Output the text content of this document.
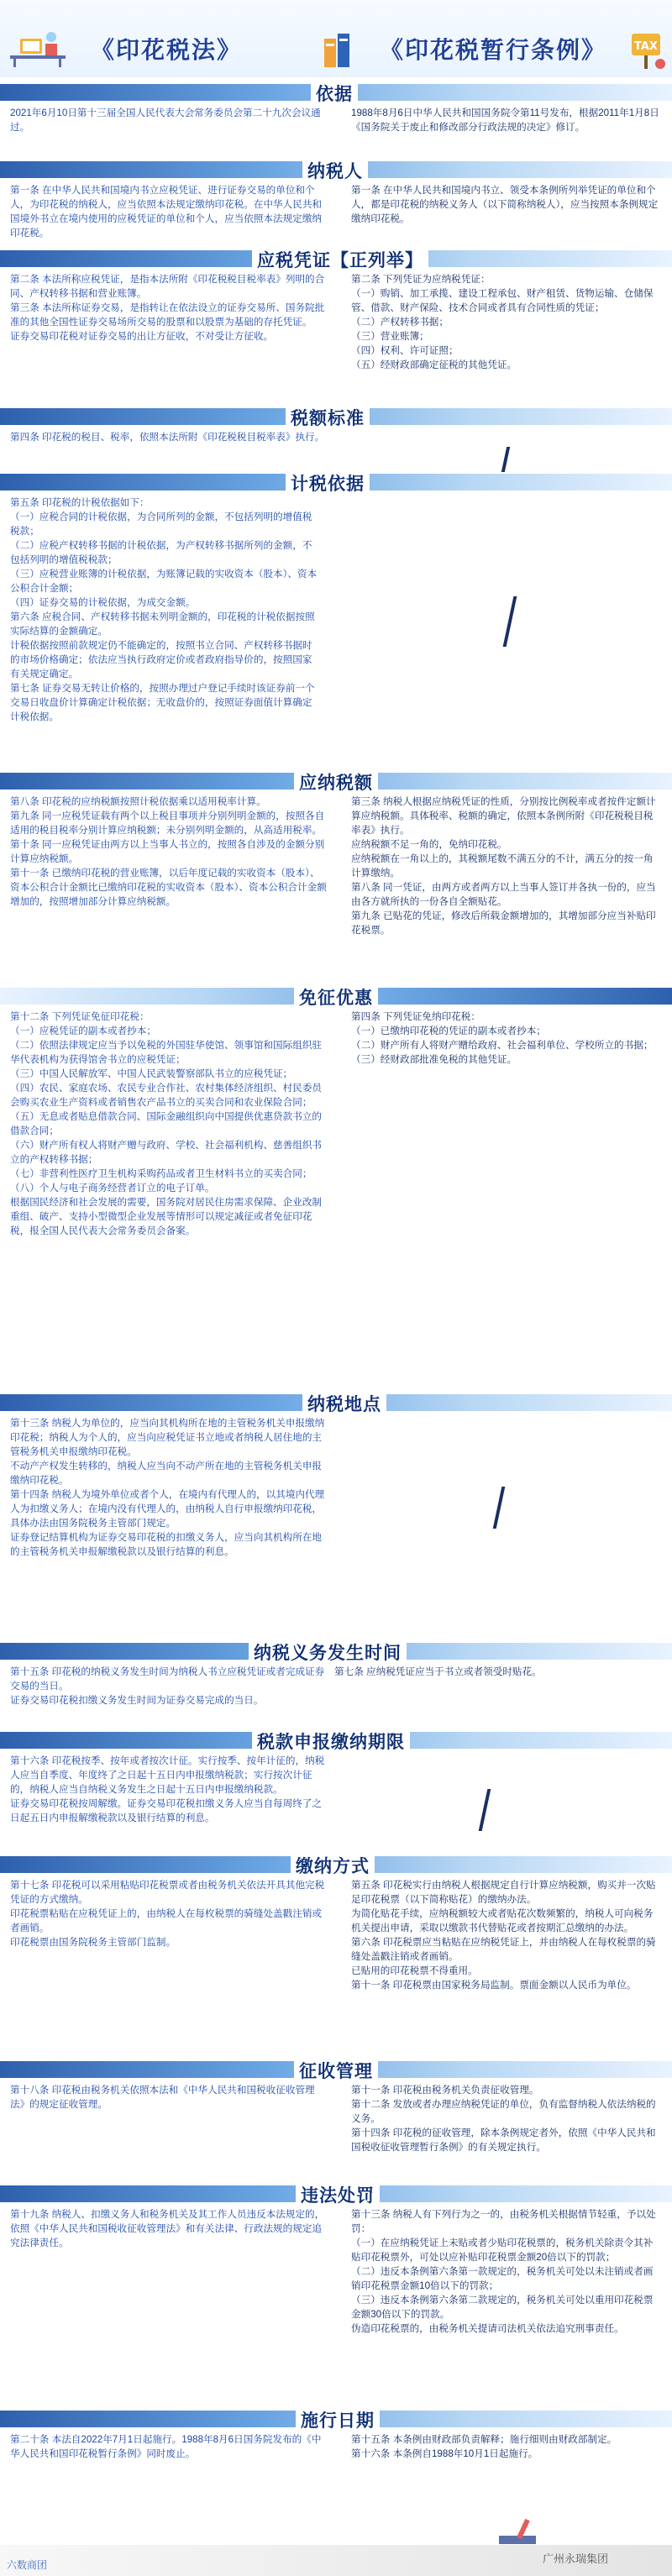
《印花税法》	《印花税暂行条例》	TAX
依据

2021年6月10日第十三届全国人民代表大会常务委员会第二十九次会议通过。

1988年8月6日中华人民共和国国务院令第11号发布，根据2011年1月8日《国务院关于废止和修改部分行政法规的决定》修订。

纳税人

第一条 在中华人民共和国境内书立应税凭证、进行证券交易的单位和个人，为印花税的纳税人，应当依照本法规定缴纳印花税。在中华人民共和国境外书立在境内使用的应税凭证的单位和个人，应当依照本法规定缴纳印花税。

第一条 在中华人民共和国境内书立、领受本条例所列举凭证的单位和个人，都是印花税的纳税义务人（以下简称纳税人），应当按照本条例规定缴纳印花税。

应税凭证【正列举】

第二条 本法所称应税凭证，是指本法所附《印花税税目税率表》列明的合同、产权转移书据和营业账簿。

第三条 本法所称证券交易，是指转让在依法设立的证券交易所、国务院批准的其他全国性证券交易场所交易的股票和以股票为基础的存托凭证。

证券交易印花税对证券交易的出让方征收，不对受让方征收。

第二条 下列凭证为应纳税凭证：

（一）购销、加工承揽、建设工程承包、财产租赁、货物运输、仓储保管、借款、财产保险、技术合同或者具有合同性质的凭证；

（二）产权转移书据；

（三）营业账簿；

（四）权利、许可证照；

（五）经财政部确定征税的其他凭证。

税额标准

第四条 印花税的税目、税率，依照本法所附《印花税税目税率表》执行。

计税依据

第五条 印花税的计税依据如下：

（一）应税合同的计税依据，为合同所列的金额，不包括列明的增值税税款；

（二）应税产权转移书据的计税依据，为产权转移书据所列的金额，不包括列明的增值税税款；

（三）应税营业账簿的计税依据，为账簿记载的实收资本（股本）、资本公积合计金额；

（四）证券交易的计税依据，为成交金额。

第六条 应税合同、产权转移书据未列明金额的，印花税的计税依据按照实际结算的金额确定。

计税依据按照前款规定仍不能确定的，按照书立合同、产权转移书据时的市场价格确定；依法应当执行政府定价或者政府指导价的，按照国家有关规定确定。

第七条 证券交易无转让价格的，按照办理过户登记手续时该证券前一个交易日收盘价计算确定计税依据；无收盘价的，按照证券面值计算确定计税依据。

应纳税额

第八条 印花税的应纳税额按照计税依据乘以适用税率计算。

第九条 同一应税凭证载有两个以上税目事项并分别列明金额的，按照各自适用的税目税率分别计算应纳税额；未分别列明金额的，从高适用税率。

第十条 同一应税凭证由两方以上当事人书立的，按照各自涉及的金额分别计算应纳税额。

第十一条 已缴纳印花税的营业账簿，以后年度记载的实收资本（股本）、资本公积合计金额比已缴纳印花税的实收资本（股本）、资本公积合计金额增加的，按照增加部分计算应纳税额。

第三条 纳税人根据应纳税凭证的性质，分别按比例税率或者按件定额计算应纳税额。具体税率、税额的确定，依照本条例所附《印花税税目税率表》执行。

应纳税额不足一角的，免纳印花税。

应纳税额在一角以上的，其税额尾数不满五分的不计，满五分的按一角计算缴纳。

第八条 同一凭证，由两方或者两方以上当事人签订并各执一份的，应当由各方就所执的一份各自全额贴花。

第九条 已贴花的凭证，修改后所载金额增加的，其增加部分应当补贴印花税票。

免征优惠

第十二条 下列凭证免征印花税：

（一）应税凭证的副本或者抄本；

（二）依照法律规定应当予以免税的外国驻华使馆、领事馆和国际组织驻华代表机构为获得馆舍书立的应税凭证；

（三）中国人民解放军、中国人民武装警察部队书立的应税凭证；

（四）农民、家庭农场、农民专业合作社、农村集体经济组织、村民委员会购买农业生产资料或者销售农产品书立的买卖合同和农业保险合同；

（五）无息或者贴息借款合同、国际金融组织向中国提供优惠贷款书立的借款合同；

（六）财产所有权人将财产赠与政府、学校、社会福利机构、慈善组织书立的产权转移书据；

（七）非营利性医疗卫生机构采购药品或者卫生材料书立的买卖合同；

（八）个人与电子商务经营者订立的电子订单。

根据国民经济和社会发展的需要，国务院对居民住房需求保障、企业改制重组、破产、支持小型微型企业发展等情形可以规定减征或者免征印花税，报全国人民代表大会常务委员会备案。

第四条 下列凭证免纳印花税：

（一）已缴纳印花税的凭证的副本或者抄本；

（二）财产所有人将财产赠给政府、社会福利单位、学校所立的书据；

（三）经财政部批准免税的其他凭证。

纳税地点

第十三条 纳税人为单位的，应当向其机构所在地的主管税务机关申报缴纳印花税；纳税人为个人的，应当向应税凭证书立地或者纳税人居住地的主管税务机关申报缴纳印花税。

不动产产权发生转移的，纳税人应当向不动产所在地的主管税务机关申报缴纳印花税。

第十四条 纳税人为境外单位或者个人，在境内有代理人的，以其境内代理人为扣缴义务人；在境内没有代理人的，由纳税人自行申报缴纳印花税，具体办法由国务院税务主管部门规定。

证券登记结算机构为证券交易印花税的扣缴义务人，应当向其机构所在地的主管税务机关申报解缴税款以及银行结算的利息。

纳税义务发生时间

第十五条 印花税的纳税义务发生时间为纳税人书立应税凭证或者完成证券交易的当日。

证券交易印花税扣缴义务发生时间为证券交易完成的当日。

第七条 应纳税凭证应当于书立或者领受时贴花。

税款申报缴纳期限

第十六条 印花税按季、按年或者按次计征。实行按季、按年计征的，纳税人应当自季度、年度终了之日起十五日内申报缴纳税款；实行按次计征的，纳税人应当自纳税义务发生之日起十五日内申报缴纳税款。

证券交易印花税按周解缴。证券交易印花税扣缴义务人应当自每周终了之日起五日内申报解缴税款以及银行结算的利息。

缴纳方式

第十七条 印花税可以采用粘贴印花税票或者由税务机关依法开具其他完税凭证的方式缴纳。

印花税票粘贴在应税凭证上的，由纳税人在每枚税票的骑缝处盖戳注销或者画销。

印花税票由国务院税务主管部门监制。

第五条 印花税实行由纳税人根据规定自行计算应纳税额，购买并一次贴足印花税票（以下简称贴花）的缴纳办法。

为简化贴花手续，应纳税额较大或者贴花次数频繁的，纳税人可向税务机关提出申请，采取以缴款书代替贴花或者按期汇总缴纳的办法。

第六条 印花税票应当粘贴在应纳税凭证上，并由纳税人在每枚税票的骑缝处盖戳注销或者画销。

已贴用的印花税票不得重用。

第十一条 印花税票由国家税务局监制。票面金额以人民币为单位。

征收管理

第十八条 印花税由税务机关依照本法和《中华人民共和国税收征收管理法》的规定征收管理。

第十一条 印花税由税务机关负责征收管理。

第十二条 发放或者办理应纳税凭证的单位，负有监督纳税人依法纳税的义务。

第十四条 印花税的征收管理，除本条例规定者外，依照《中华人民共和国税收征收管理暂行条例》的有关规定执行。

违法处罚

第十九条 纳税人、扣缴义务人和税务机关及其工作人员违反本法规定的，依照《中华人民共和国税收征收管理法》和有关法律、行政法规的规定追究法律责任。

第十三条 纳税人有下列行为之一的，由税务机关根据情节轻重，予以处罚：

（一）在应纳税凭证上未贴或者少贴印花税票的，税务机关除责令其补贴印花税票外，可处以应补贴印花税票金额20倍以下的罚款；

（二）违反本条例第六条第一款规定的，税务机关可处以未注销或者画销印花税票金额10倍以下的罚款；

（三）违反本条例第六条第二款规定的，税务机关可处以重用印花税票金额30倍以下的罚款。

伪造印花税票的，由税务机关提请司法机关依法追究刑事责任。

施行日期

第二十条 本法自2022年7月1日起施行。1988年8月6日国务院发布的《中华人民共和国印花税暂行条例》同时废止。

第十五条 本条例由财政部负责解释；施行细则由财政部制定。

第十六条 本条例自1988年10月1日起施行。

六数商团	广州永瑞集团
